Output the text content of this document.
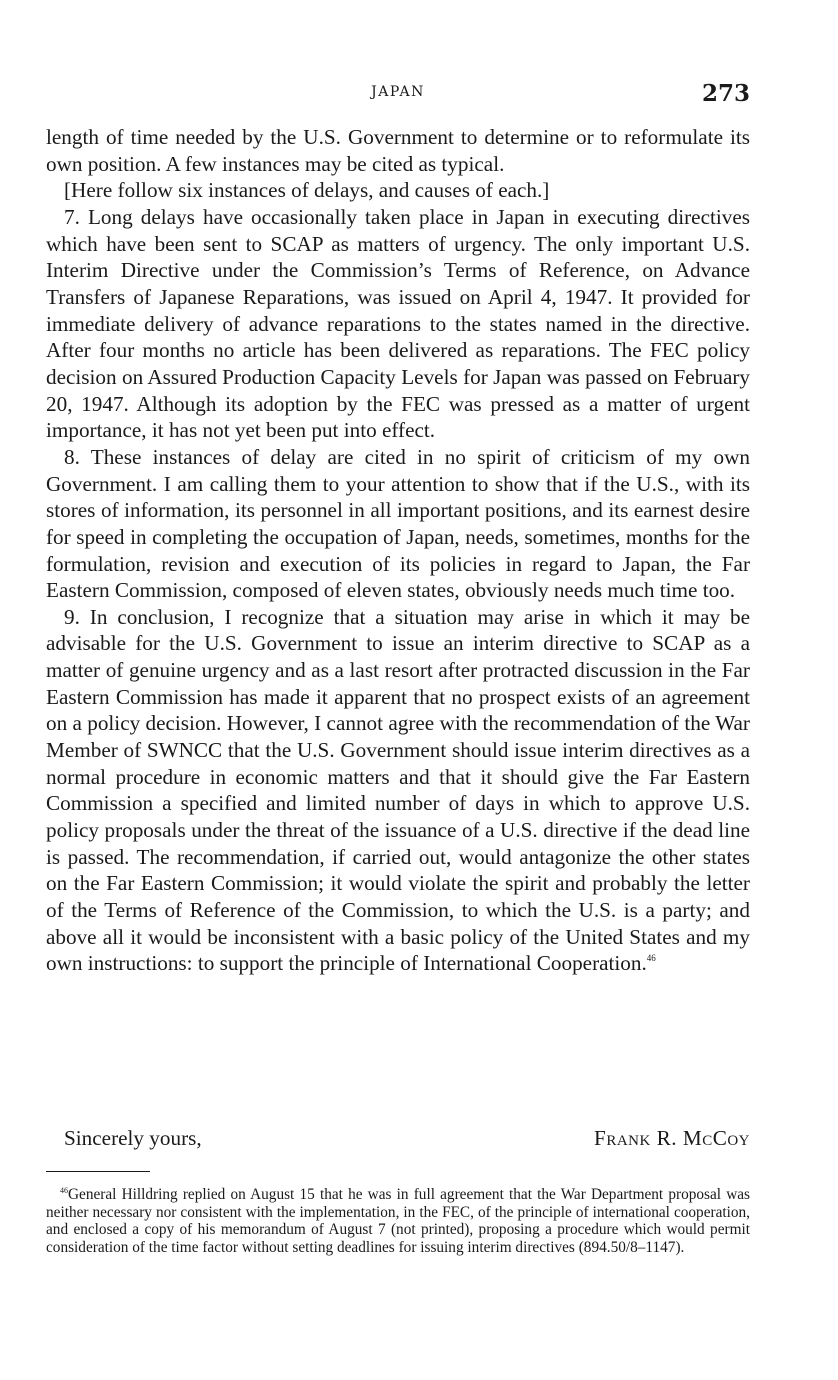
JAPAN	273

length of time needed by the U.S. Government to determine or to reformulate its own position. A few instances may be cited as typical.

[Here follow six instances of delays, and causes of each.]

7. Long delays have occasionally taken place in Japan in executing directives which have been sent to SCAP as matters of urgency. The only important U.S. Interim Directive under the Commission’s Terms of Reference, on Advance Transfers of Japanese Reparations, was issued on April 4, 1947. It provided for immediate delivery of advance reparations to the states named in the directive. After four months no article has been delivered as reparations. The FEC policy decision on Assured Production Capacity Levels for Japan was passed on February 20, 1947. Although its adoption by the FEC was pressed as a matter of urgent importance, it has not yet been put into effect.

8. These instances of delay are cited in no spirit of criticism of my own Government. I am calling them to your attention to show that if the U.S., with its stores of information, its personnel in all important positions, and its earnest desire for speed in completing the occupation of Japan, needs, sometimes, months for the formulation, revision and execution of its policies in regard to Japan, the Far Eastern Commission, composed of eleven states, obviously needs much time too.

9. In conclusion, I recognize that a situation may arise in which it may be advisable for the U.S. Government to issue an interim directive to SCAP as a matter of genuine urgency and as a last resort after protracted discussion in the Far Eastern Commission has made it apparent that no prospect exists of an agreement on a policy decision. However, I cannot agree with the recommendation of the War Member of SWNCC that the U.S. Government should issue interim directives as a normal procedure in economic matters and that it should give the Far Eastern Commission a specified and limited number of days in which to approve U.S. policy proposals under the threat of the issuance of a U.S. directive if the dead line is passed. The recommendation, if carried out, would antagonize the other states on the Far Eastern Commission; it would violate the spirit and probably the letter of the Terms of Reference of the Commission, to which the U.S. is a party; and above all it would be inconsistent with a basic policy of the United States and my own instructions: to support the principle of International Cooperation.$^{46}$

Sincerely yours,	Frank R. McCoy
$^{46}$General Hilldring replied on August 15 that he was in full agreement that the War Department proposal was neither necessary nor consistent with the implementation, in the FEC, of the principle of international cooperation, and enclosed a copy of his memorandum of August 7 (not printed), proposing a procedure which would permit consideration of the time factor without setting deadlines for issuing interim directives (894.50/8–1147).
